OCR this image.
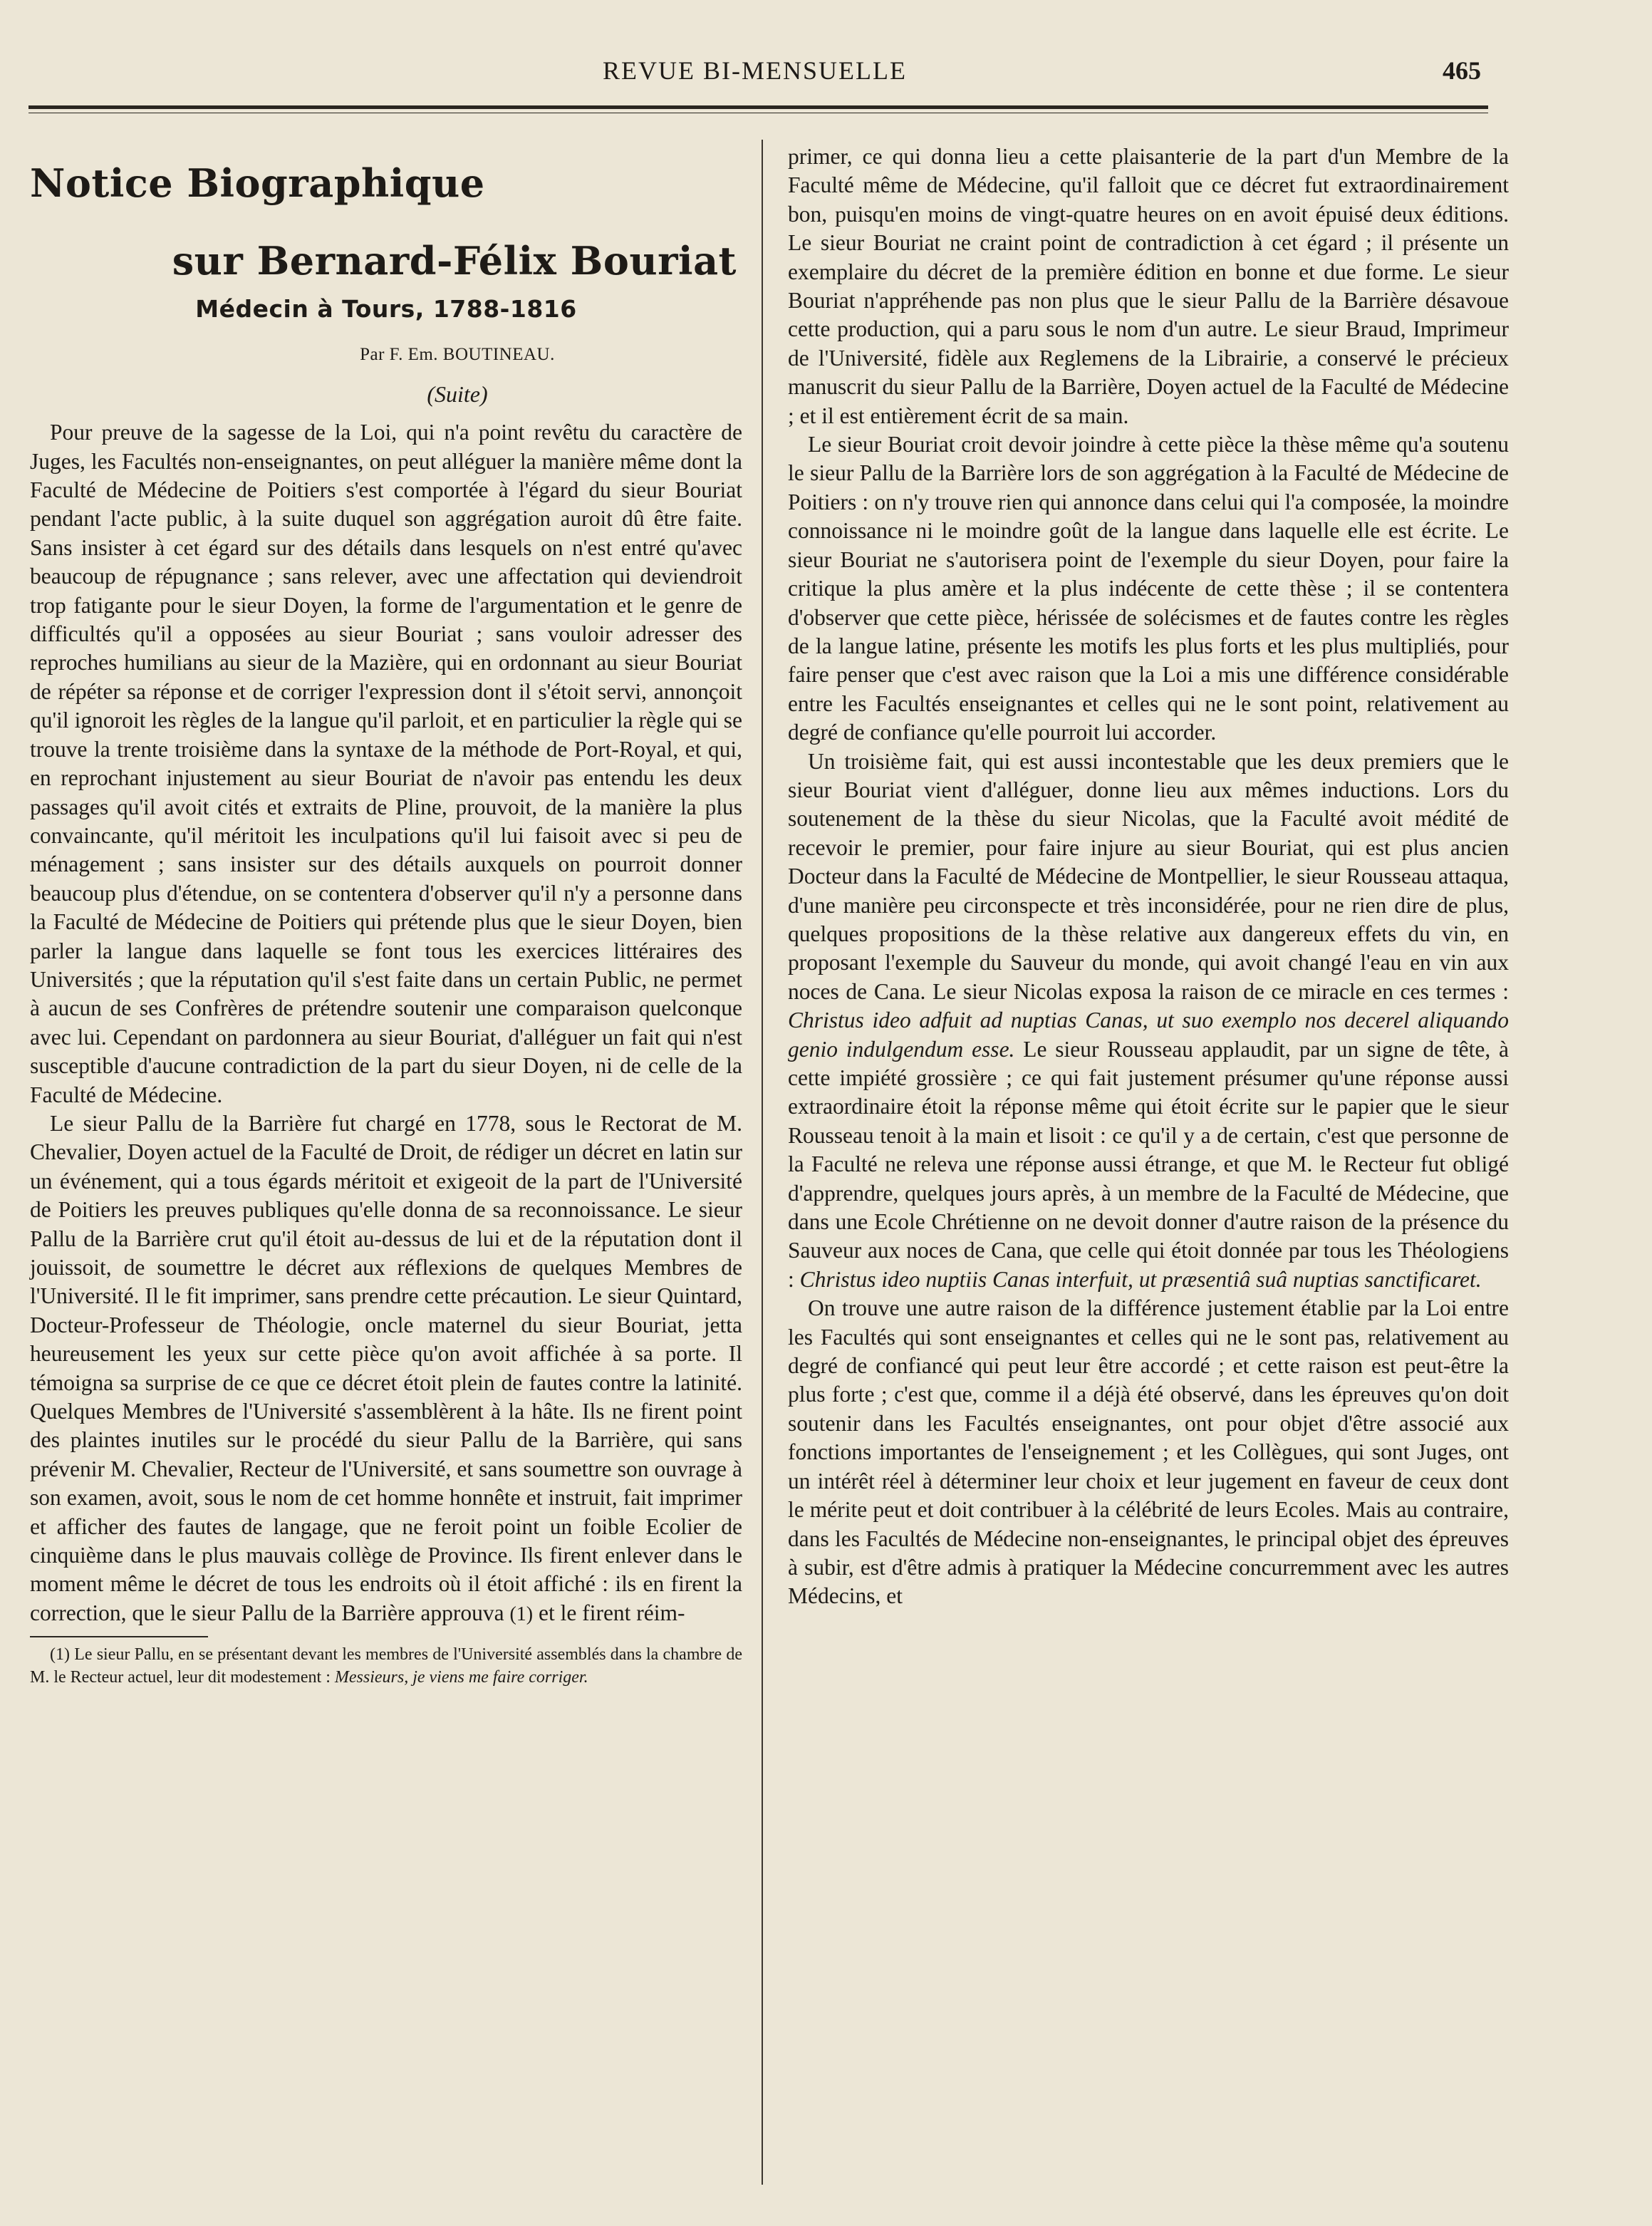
REVUE BI-MENSUELLE	465
Notice Biographique
sur Bernard-Félix Bouriat
Médecin à Tours, 1788-1816
Par F. Em. BOUTINEAU.
(Suite)

Pour preuve de la sagesse de la Loi, qui n'a point revêtu du caractère de Juges, les Facultés non-enseignantes, on peut alléguer la manière même dont la Faculté de Médecine de Poitiers s'est comportée à l'égard du sieur Bouriat pendant l'acte public, à la suite duquel son aggrégation auroit dû être faite. Sans insister à cet égard sur des détails dans lesquels on n'est entré qu'avec beaucoup de répugnance ; sans relever, avec une affectation qui deviendroit trop fatigante pour le sieur Doyen, la forme de l'argumentation et le genre de difficultés qu'il a opposées au sieur Bouriat ; sans vouloir adresser des reproches humilians au sieur de la Mazière, qui en ordonnant au sieur Bouriat de répéter sa réponse et de corriger l'expression dont il s'étoit servi, annonçoit qu'il ignoroit les règles de la langue qu'il parloit, et en particulier la règle qui se trouve la trente troisième dans la syntaxe de la méthode de Port-Royal, et qui, en reprochant injustement au sieur Bouriat de n'avoir pas entendu les deux passages qu'il avoit cités et extraits de Pline, prouvoit, de la manière la plus convaincante, qu'il méritoit les inculpations qu'il lui faisoit avec si peu de ménagement ; sans insister sur des détails auxquels on pourroit donner beaucoup plus d'étendue, on se contentera d'observer qu'il n'y a personne dans la Faculté de Médecine de Poitiers qui prétende plus que le sieur Doyen, bien parler la langue dans laquelle se font tous les exercices littéraires des Universités ; que la réputation qu'il s'est faite dans un certain Public, ne permet à aucun de ses Confrères de prétendre soutenir une comparaison quelconque avec lui. Cependant on pardonnera au sieur Bouriat, d'alléguer un fait qui n'est susceptible d'aucune contradiction de la part du sieur Doyen, ni de celle de la Faculté de Médecine.

Le sieur Pallu de la Barrière fut chargé en 1778, sous le Rectorat de M. Chevalier, Doyen actuel de la Faculté de Droit, de rédiger un décret en latin sur un événement, qui a tous égards méritoit et exigeoit de la part de l'Université de Poitiers les preuves publiques qu'elle donna de sa reconnoissance. Le sieur Pallu de la Barrière crut qu'il étoit au-dessus de lui et de la réputation dont il jouissoit, de soumettre le décret aux réflexions de quelques Membres de l'Université. Il le fit imprimer, sans prendre cette précaution. Le sieur Quintard, Docteur-Professeur de Théologie, oncle maternel du sieur Bouriat, jetta heureusement les yeux sur cette pièce qu'on avoit affichée à sa porte. Il témoigna sa surprise de ce que ce décret étoit plein de fautes contre la latinité. Quelques Membres de l'Université s'assemblèrent à la hâte. Ils ne firent point des plaintes inutiles sur le procédé du sieur Pallu de la Barrière, qui sans prévenir M. Chevalier, Recteur de l'Université, et sans soumettre son ouvrage à son examen, avoit, sous le nom de cet homme honnête et instruit, fait imprimer et afficher des fautes de langage, que ne feroit point un foible Ecolier de cinquième dans le plus mauvais collège de Province. Ils firent enlever dans le moment même le décret de tous les endroits où il étoit affiché : ils en firent la correction, que le sieur Pallu de la Barrière approuva (1) et le firent réim-

(1) Le sieur Pallu, en se présentant devant les membres de l'Université assemblés dans la chambre de M. le Recteur actuel, leur dit modestement : Messieurs, je viens me faire corriger.

primer, ce qui donna lieu a cette plaisanterie de la part d'un Membre de la Faculté même de Médecine, qu'il falloit que ce décret fut extraordinairement bon, puisqu'en moins de vingt-quatre heures on en avoit épuisé deux éditions. Le sieur Bouriat ne craint point de contradiction à cet égard ; il présente un exemplaire du décret de la première édition en bonne et due forme. Le sieur Bouriat n'appréhende pas non plus que le sieur Pallu de la Barrière désavoue cette production, qui a paru sous le nom d'un autre. Le sieur Braud, Imprimeur de l'Université, fidèle aux Reglemens de la Librairie, a conservé le précieux manuscrit du sieur Pallu de la Barrière, Doyen actuel de la Faculté de Médecine ; et il est entièrement écrit de sa main.

Le sieur Bouriat croit devoir joindre à cette pièce la thèse même qu'a soutenu le sieur Pallu de la Barrière lors de son aggrégation à la Faculté de Médecine de Poitiers : on n'y trouve rien qui annonce dans celui qui l'a composée, la moindre connoissance ni le moindre goût de la langue dans laquelle elle est écrite. Le sieur Bouriat ne s'autorisera point de l'exemple du sieur Doyen, pour faire la critique la plus amère et la plus indécente de cette thèse ; il se contentera d'observer que cette pièce, hérissée de solécismes et de fautes contre les règles de la langue latine, présente les motifs les plus forts et les plus multipliés, pour faire penser que c'est avec raison que la Loi a mis une différence considérable entre les Facultés enseignantes et celles qui ne le sont point, relativement au degré de confiance qu'elle pourroit lui accorder.

Un troisième fait, qui est aussi incontestable que les deux premiers que le sieur Bouriat vient d'alléguer, donne lieu aux mêmes inductions. Lors du soutenement de la thèse du sieur Nicolas, que la Faculté avoit médité de recevoir le premier, pour faire injure au sieur Bouriat, qui est plus ancien Docteur dans la Faculté de Médecine de Montpellier, le sieur Rousseau attaqua, d'une manière peu circonspecte et très inconsidérée, pour ne rien dire de plus, quelques propositions de la thèse relative aux dangereux effets du vin, en proposant l'exemple du Sauveur du monde, qui avoit changé l'eau en vin aux noces de Cana. Le sieur Nicolas exposa la raison de ce miracle en ces termes : Christus ideo adfuit ad nuptias Canas, ut suo exemplo nos decerel aliquando genio indulgendum esse. Le sieur Rousseau applaudit, par un signe de tête, à cette impiété grossière ; ce qui fait justement présumer qu'une réponse aussi extraordinaire étoit la réponse même qui étoit écrite sur le papier que le sieur Rousseau tenoit à la main et lisoit : ce qu'il y a de certain, c'est que personne de la Faculté ne releva une réponse aussi étrange, et que M. le Recteur fut obligé d'apprendre, quelques jours après, à un membre de la Faculté de Médecine, que dans une Ecole Chrétienne on ne devoit donner d'autre raison de la présence du Sauveur aux noces de Cana, que celle qui étoit donnée par tous les Théologiens : Christus ideo nuptiis Canas interfuit, ut præsentiâ suâ nuptias sanctificaret.

On trouve une autre raison de la différence justement établie par la Loi entre les Facultés qui sont enseignantes et celles qui ne le sont pas, relativement au degré de confiancé qui peut leur être accordé ; et cette raison est peut-être la plus forte ; c'est que, comme il a déjà été observé, dans les épreuves qu'on doit soutenir dans les Facultés enseignantes, ont pour objet d'être associé aux fonctions importantes de l'enseignement ; et les Collègues, qui sont Juges, ont un intérêt réel à déterminer leur choix et leur jugement en faveur de ceux dont le mérite peut et doit contribuer à la célébrité de leurs Ecoles. Mais au contraire, dans les Facultés de Médecine non-enseignantes, le principal objet des épreuves à subir, est d'être admis à pratiquer la Médecine concurremment avec les autres Médecins, et
